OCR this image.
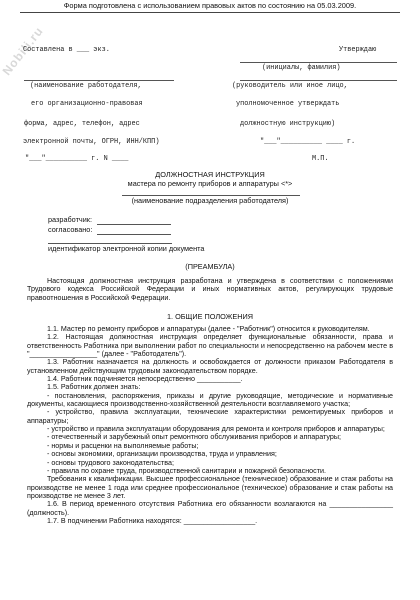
Nobili.ru
Форма подготовлена с использованием правовых актов по состоянию на 05.03.2009.
Составлена в ___ экз.
(наименование работодателя,
его организационно-правовая
форма, адрес, телефон, адрес
электронной почты, ОГРН, ИНН/КПП)
"___"__________ г. N ____
Утверждаю
(инициалы, фамилия)
(руководитель или иное лицо,
уполномоченное утверждать
должностную инструкцию)
"___"__________ ____ г.
М.П.
ДОЛЖНОСТНАЯ ИНСТРУКЦИЯ
мастера по ремонту приборов и аппаратуры <*>
(наименование подразделения работодателя)
разработчик:
согласовано:
идентификатор электронной копии документа
(ПРЕАМБУЛА)

Настоящая должностная инструкция разработана и утверждена в соответствии с положениями Трудового кодекса Российской Федерации и иных нормативных актов, регулирующих трудовые правоотношения в Российской Федерации.

1. ОБЩИЕ ПОЛОЖЕНИЯ

1.1. Мастер по ремонту приборов и аппаратуры (далее - "Работник") относится к руководителям.

1.2. Настоящая должностная инструкция определяет функциональные обязанности, права и ответственность Работника при выполнении работ по специальности и непосредственно на рабочем месте в "_________________" (далее - "Работодатель").

1.3. Работник назначается на должность и освобождается от должности приказом Работодателя в установленном действующим трудовым законодательством порядке.

1.4. Работник подчиняется непосредственно ___________.

1.5. Работник должен знать:

- постановления, распоряжения, приказы и другие руководящие, методические и нормативные документы, касающиеся производственно-хозяйственной деятельности возглавляемого участка;

- устройство, правила эксплуатации, технические характеристики ремонтируемых приборов и аппаратуры;

- устройство и правила эксплуатации оборудования для ремонта и контроля приборов и аппаратуры;

- отечественный и зарубежный опыт ремонтного обслуживания приборов и аппаратуры;

- нормы и расценки на выполняемые работы;

- основы экономики, организации производства, труда и управления;

- основы трудового законодательства;

- правила по охране труда, производственной санитарии и пожарной безопасности.

Требования к квалификации. Высшее профессиональное (техническое) образование и стаж работы на производстве не менее 1 года или среднее профессиональное (техническое) образование и стаж работы на производстве не менее 3 лет.

1.6. В период временного отсутствия Работника его обязанности возлагаются на ________________ (должность).

1.7. В подчинении Работника находятся: __________________.
